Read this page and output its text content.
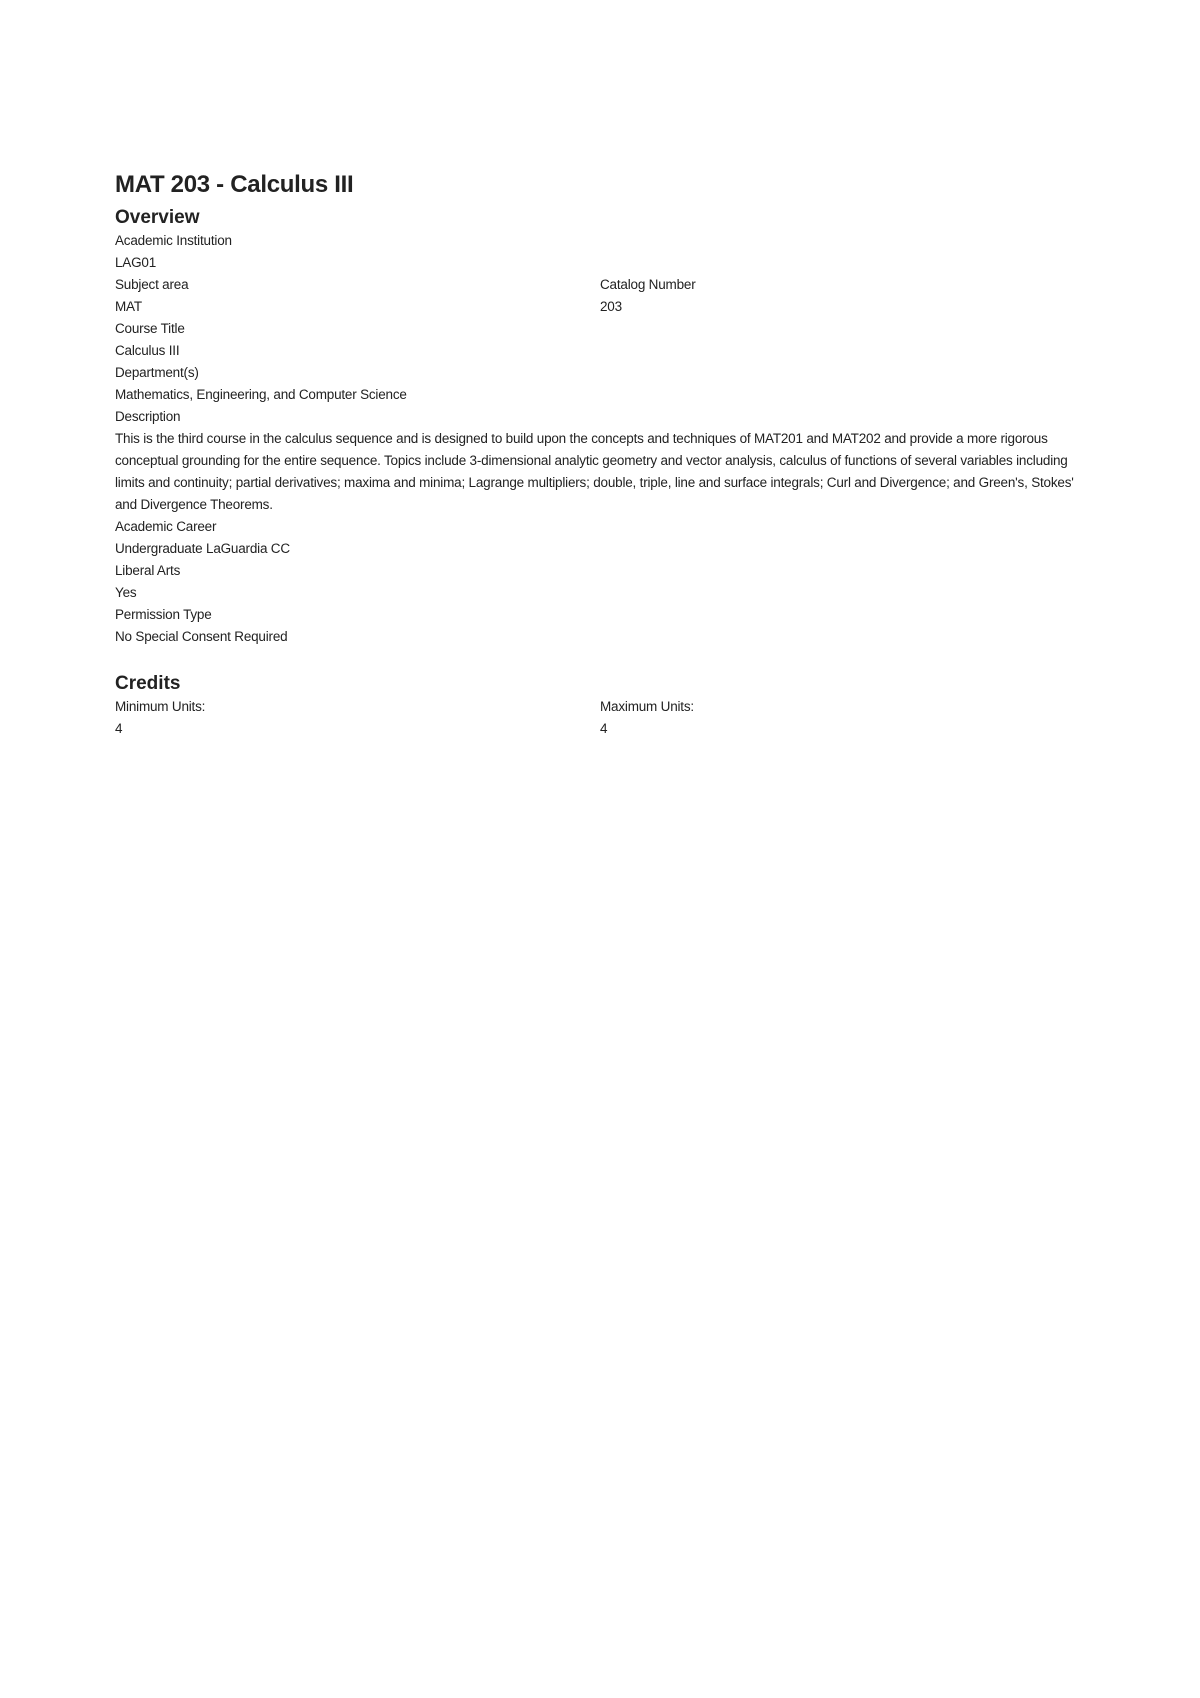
MAT 203 - Calculus III
Overview
Academic Institution
LAG01
Subject area	Catalog Number
MAT	203
Course Title
Calculus III
Department(s)
Mathematics, Engineering, and Computer Science
Description
This is the third course in the calculus sequence and is designed to build upon the concepts and techniques of MAT201 and MAT202 and provide a more rigorous conceptual grounding for the entire sequence. Topics include 3-dimensional analytic geometry and vector analysis, calculus of functions of several variables including limits and continuity; partial derivatives; maxima and minima; Lagrange multipliers; double, triple, line and surface integrals; Curl and Divergence; and Green's, Stokes' and Divergence Theorems.
Academic Career
Undergraduate LaGuardia CC
Liberal Arts
Yes
Permission Type
No Special Consent Required
Credits
Minimum Units:	Maximum Units:
4	4
